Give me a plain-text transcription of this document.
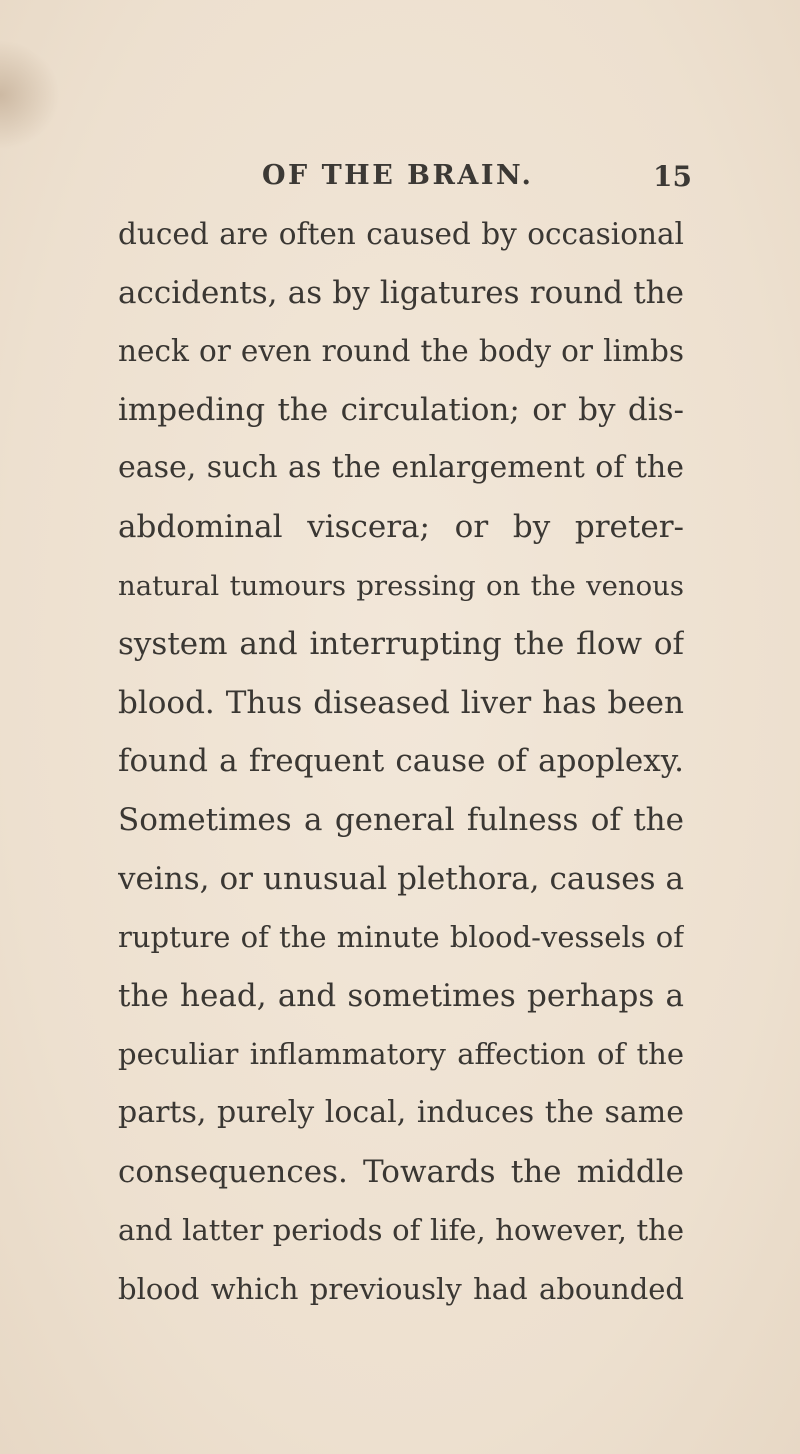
OF THE BRAIN.	15
duced are often caused by occasional
accidents, as by ligatures round the
neck or even round the body or limbs
impeding the circulation; or by dis-
ease, such as the enlargement of the
abdominal viscera; or by preter-
natural tumours pressing on the venous
system and interrupting the flow of
blood. Thus diseased liver has been
found a frequent cause of apoplexy.
Sometimes a general fulness of the
veins, or unusual plethora, causes a
rupture of the minute blood-vessels of
the head, and sometimes perhaps a
peculiar inflammatory affection of the
parts, purely local, induces the same
consequences. Towards the middle
and latter periods of life, however, the
blood which previously had abounded
